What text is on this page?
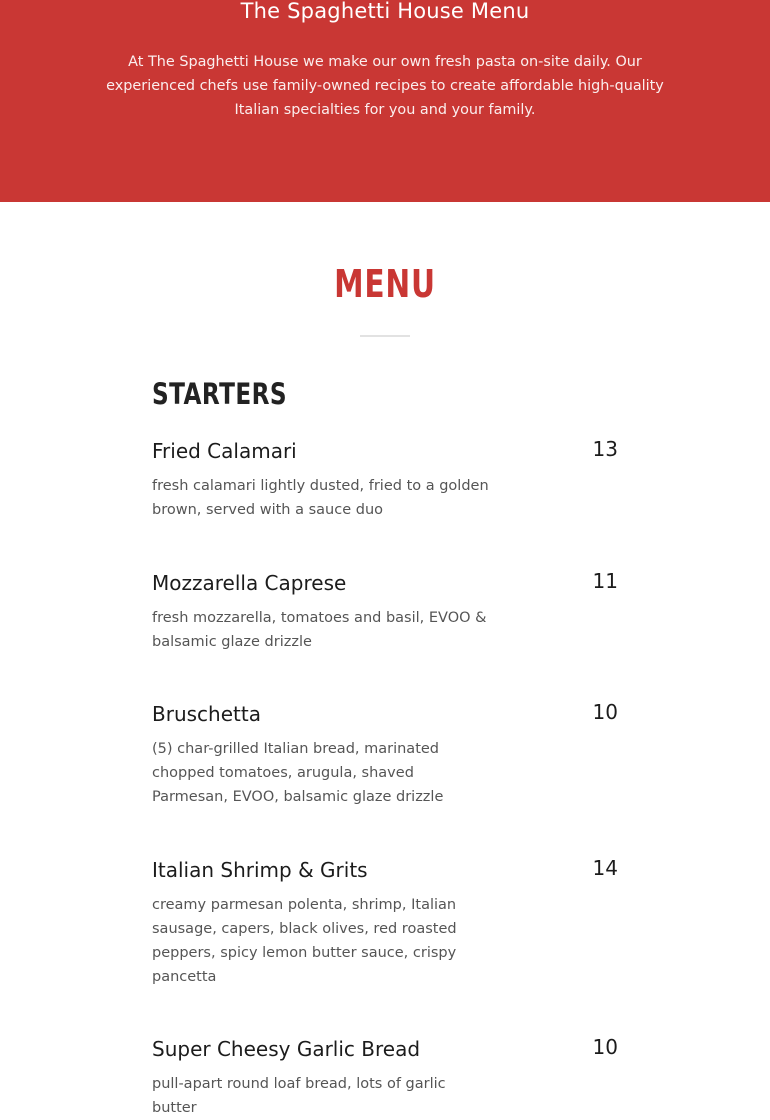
The Spaghetti House Menu
At The Spaghetti House we make our own fresh pasta on-site daily. Our experienced chefs use family-owned recipes to create affordable high-quality Italian specialties for you and your family.
MENU
STARTERS
Fried Calamari	13
fresh calamari lightly dusted, fried to a golden brown, served with a sauce duo
Mozzarella Caprese	11
fresh mozzarella, tomatoes and basil, EVOO & balsamic glaze drizzle
Bruschetta	10
(5) char-grilled Italian bread, marinated chopped tomatoes, arugula, shaved Parmesan, EVOO, balsamic glaze drizzle
Italian Shrimp & Grits	14
creamy parmesan polenta, shrimp, Italian sausage, capers, black olives, red roasted peppers, spicy lemon butter sauce, crispy pancetta
Super Cheesy Garlic Bread	10
pull-apart round loaf bread, lots of garlic butter
